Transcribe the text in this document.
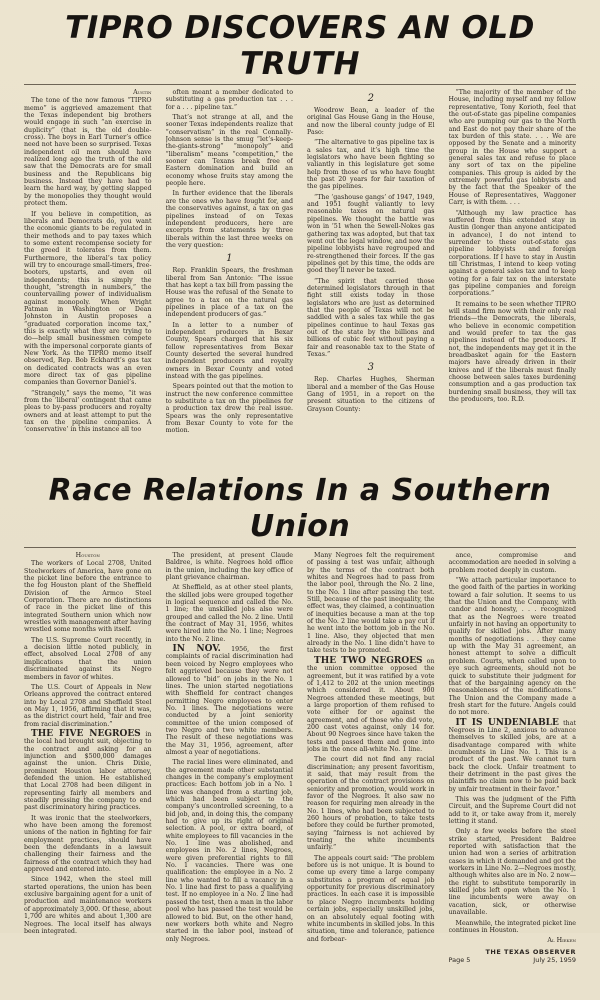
TIPRO DISCOVERS AN OLD TRUTH

Austin

The tone of the now famous “TIPRO memo” is aggrieved amazement that the Texas independent big brothers would engage in such “an exercise in duplicity” (that is, the old double-cross). The boys in Earl Turner’s office need not have been so surprised. Texas independent oil men should have realized long ago the truth of the old saw that the Democrats are for small business and the Republicans big business. Instead they have had to learn the hard way, by getting slapped by the monopolies they thought would protect them.

If you believe in competition, as liberals and Democrats do, you want the economic giants to be regulated in their methods and to pay taxes which to some extent recompense society for the greed it tolerates from them. Furthermore, the liberal’s tax policy will try to encourage small-timers, free-booters, upstarts, and even oil independents; this is simply the thought, “strength in numbers,” the countervailing power of individualism against monopoly. When Wright Patman in Washington or Dean Johnston in Austin proposes a “graduated corporation income tax,” this is exactly what they are trying to do—help small businessmen compete with the impersonal corporate giants of New York. As the TIPRO memo itself observed, Rep. Bob Eckhardt’s gas tax on dedicated contracts was an even more direct tax of gas pipeline companies than Governor Daniel’s.

“Strangely,” says the memo, “it was from the ‘liberal’ contingent that came pleas to by-pass producers and royalty owners and at least attempt to put the tax on the pipeline companies. A ‘conservative’ in this instance all too

often meant a member dedicated to substituting a gas production tax . . . for a . . . pipeline tax.”

That’s not strange at all, and the sooner Texas independents realize that “conservatism” in the real Connally-Johnson sense is the smug “let’s-keep-the-giants-strong” “monopoly” and “liberalism” means “competition,” the sooner can Texans break free of Eastern domination and build an economy whose fruits stay among the people here.

In further evidence that the liberals are the ones who have fought for, and the conservatives against, a tax on gas pipelines instead of on Texas independent producers, here are excerpts from statements by three liberals within the last three weeks on the very question:

1

Rep. Franklin Spears, the freshman liberal from San Antonio: “The issue that has kept a tax bill from passing the House was the refusal of the Senate to agree to a tax on the natural gas pipelines in place of a tax on the independent producers of gas.”

In a letter to a number of independent producers in Bexar County, Spears charged that his six fellow representatives from Bexar County deserted the several hundred independent producers and royalty owners in Bexar County and voted instead with the gas pipelines.

Spears pointed out that the motion to instruct the new conference committee to substitute a tax on the pipelines for a production tax drew the real issue. Spears was the only representative from Bexar County to vote for the motion.

2

Woodrow Bean, a leader of the original Gas House Gang in the House, and now the liberal county judge of El Paso:

“The alternative to gas pipeline tax is a sales tax, and it’s high time the legislators who have been fighting so valiantly in this legislature get some help from those of us who have fought the past 20 years for fair taxation of the gas pipelines.

“The ‘gashouse gangs’ of 1947, 1949, and 1951 fought valiantly to levy reasonable taxes on natural gas pipelines. We thought the battle was won in ’51 when the Sewell-Nokes gas gathering tax was adopted, but that tax went out the legal window, and now the pipeline lobbyists have regrouped and re-strengthened their forces. If the gas pipelines get by this time, the odds are good they’ll never be taxed.

“The spirit that carried those determined legislators through in that fight still exists today in those legislators who are just as determined that the people of Texas will not be saddled with a sales tax while the gas pipelines continue to haul Texas gas out of the state by the billions and billions of cubic feet without paying a fair and reasonable tax to the State of Texas.”

3

Rep. Charles Hughes, Sherman liberal and a member of the Gas House Gang of 1951, in a report on the present situation to the citizens of Grayson County:

“The majority of the member of the House, including myself and my fellow representative, Tony Korioth, feel that the out-of-state gas pipeline companies who are pumping our gas to the North and East do not pay their share of the tax burden of this state. . . . We are opposed by the Senate and a minority group in the House who support a general sales tax and refuse to place any sort of tax on the pipeline companies. This group is aided by the extremely powerful gas lobbyists and by the fact that the Speaker of the House of Representatives, Waggoner Carr, is with them. . . .

“Although my law practice has suffered from this extended stay in Austin (longer than anyone anticipated in advance), I do not intend to surrender to these out-of-state gas pipeline lobbyists and foreign corporations. If I have to stay in Austin till Christmas, I intend to keep voting against a general sales tax and to keep voting for a fair tax on the interstate gas pipeline companies and foreign corporations.”

It remains to be seen whether TIPRO will stand firm now with their only real friends—the Democrats, the liberals, who believe in economic competition and would prefer to tax the gas pipelines instead of the producers. If not, the independents may get it in the breadbasket again for the Eastern majors have already driven in their knives and if the liberals must finally choose between sales taxes burdening consumption and a gas production tax burdening small business, they will tax the producers, too. R.D.

Race Relations In a Southern Union

Houston

The workers of Local 2708, United Steelworkers of America, have gone on the picket line before the entrance to the fog Houston plant of the Sheffield Division of the Armco Steel Corporation. There are no distinctions of race in the picket line of this integrated Southern union which now wrestles with management after having wrestled some months with itself.

The U.S. Supreme Court recently, in a decision little noted publicly, in effect, absolved Local 2708 of any implications that the union discriminated against its Negro members in favor of whites.

The U.S. Court of Appeals in New Orleans approved the contract entered into by Local 2708 and Sheffield Steel on May 1, 1956, affirming that it was, as the district court held, “fair and free from racial discrimination.”

THE FIVE NEGROES in the local had brought suit, objecting to the contract and asking for an injunction and $500,000 damages against the union. Chris Dixie, prominent Houston labor attorney, defended the union. He established that Local 2708 had been diligent in representing fairly all members and steadily pressing the company to end past discriminatory hiring practices.

It was ironic that the steelworkers, who have been among the foremost unions of the nation in fighting for fair employment practices, should have been the defendants in a lawsuit challenging their fairness and the fairness of the contract which they had approved and entered into.

Since 1942, when the steel mill started operations, the union has been exclusive bargaining agent for a unit of production and maintenance workers of approximately 3,000. Of these, about 1,700 are whites and about 1,300 are Negroes. The local itself has always been integrated.

The president, at present Claude Baldree, is white. Negroes hold office in the union, including the key office of plant grievance chairman.

At Sheffield, as at other steel plants, the skilled jobs were grouped together in logical sequence and called the No. 1 line; the unskilled jobs also were grouped and called the No. 2 line. Until the contract of May 31, 1956, whites were hired into the No. 1 line; Negroes into the No. 2 line.

IN NOV. 1956, the first complaints of racial discrimination had been voiced by Negro employees who felt aggrieved because they were not allowed to “bid” on jobs in the No. 1 lines. The union started negotiations with Sheffield for contract changes permitting Negro employees to enter No. 1 lines. The negotiations were conducted by a joint seniority committee of the union composed of two Negro and two white members. The result of these negotiations was the May 31, 1956, agreement, after almost a year of negotiations.

The racial lines were eliminated, and the agreement made other substantial changes in the company’s employment practices: Each bottom job in a No. 1 line was changed from a starting job, which had been subject to the company’s uncontrolled screening, to a bid job, and, in doing this, the company had to give up its right of original selection. A pool, or extra board, of white employees to fill vacancies in the No. 1 line was abolished, and employees in No. 2 lines, Negroes, were given preferential rights to fill No. 1 vacancies. There was one qualification: the employee in a No. 2 line who wanted to fill a vacancy in a No. 1 line had first to pass a qualifying test. If no employee in a No. 2 line had passed the test, then a man in the labor pool who has passed the test would be allowed to bid. But, on the other hand, new workers both white and Negro started in the labor pool, instead of only Negroes.

Many Negroes felt the requirement of passing a test was unfair, although by the terms of the contract both whites and Negroes had to pass from the labor pool, through the No. 2 line, to the No. 1 line after passing the test. Still, because of the past inequality, the effect was, they claimed, a continuation of inequities because a man at the top of the No. 2 line would take a pay cut if he went into the bottom job in the No. 1 line. Also, they objected that men already in the No. 1 line didn’t have to take tests to be promoted.

THE TWO NEGROES on the union committee opposed the agreement, but it was ratified by a vote of 1,412 to 202 at the union meetings which considered it. About 900 Negroes attended these meetings, but a large proportion of them refused to vote either for or against the agreement, and of those who did vote, 200 cast votes against, only 14 for. About 90 Negroes since have taken the tests and passed them and gone into jobs in the once all-white No. 1 line.

The court did not find any racial discrimination; any present favoritism, it said, that may result from the operation of the contract provisions on seniority and promotion, would work in favor of the Negroes. It also saw no reason for requiring men already in the No. 1 lines, who had been subjected to 260 hours of probation, to take tests before they could be further promoted, saying “fairness is not achieved by treating the white incumbents unfairly.”

The appeals court said: “The problem before us is not unique. It is bound to come up every time a large company substitutes a program of equal job opportunity for previous discriminatory practices. In each case it is impossible to place Negro incumbents holding certain jobs, especially unskilled jobs, on an absolutely equal footing with white incumbents in skilled jobs. In this situation, time and tolerance, patience and forbear-

ance, compromise and accommodation are needed in solving a problem rooted deeply in custom.

“We attach particular importance to the good faith of the parties in working toward a fair solution. It seems to us that the Union and the Company, with candor and honesty, . . . recognized that as the Negroes were treated unfairly in not having an opportunity to qualify for skilled jobs. After many months of negotiations . . . they came up with the May 31 agreement, an honest attempt to solve a difficult problem. Courts, when called upon to eye such agreements, should not be quick to substitute their judgment for that of the bargaining agency on the reasonableness of the modifications.” The Union and the Company made a fresh start for the future. Angels could do not more.

IT IS UNDENIABLE that Negroes in Line 2, anxious to advance themselves to skilled jobs, are at a disadvantage compared with white incumbents in Line No. 1. This is a product of the past. We cannot turn back the clock. Unfair treatment to their detriment in the past gives the plaintiffs no claim now to be paid back by unfair treatment in their favor.”

This was the judgment of the Fifth Circuit, and the Supreme Court did not add to it, or take away from it, merely letting it stand.

Only a few weeks before the steel strike started, President Baldree reported with satisfaction that the union had won a series of arbitration cases in which it demanded and got the workers in Line No. 2—Negroes mostly, although whites also are in No. 2 now—the right to substitute temporarily in skilled jobs left open when the No. 1 line incumbents were away on vacation, sick, or otherwise unavailable.

Meanwhile, the integrated picket line continues in Houston.

Al Hieken

THE TEXAS OBSERVER
Page 5	July 25, 1959
